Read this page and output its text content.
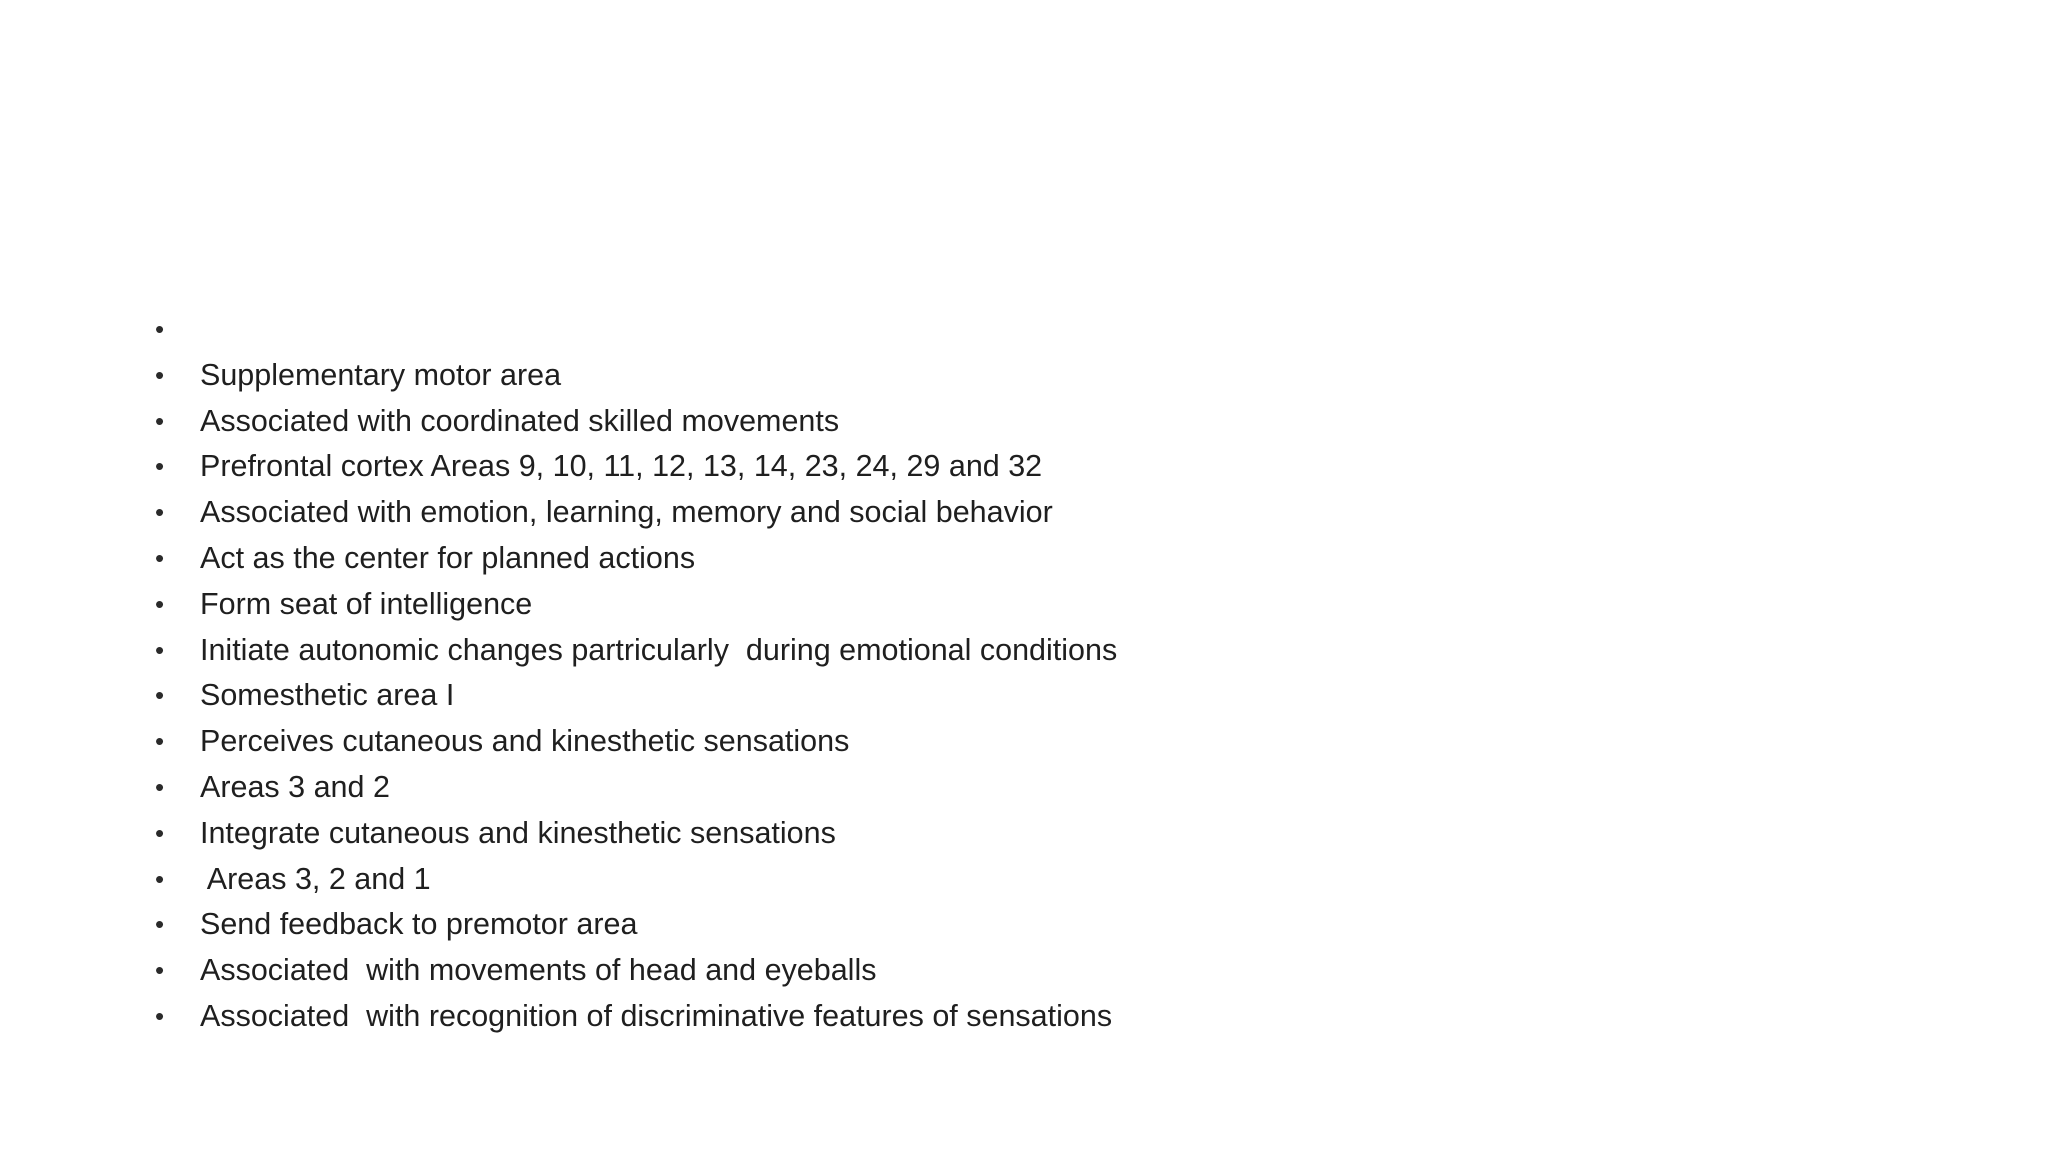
•
•	Supplementary motor area
•	Associated with coordinated skilled movements
•	Prefrontal cortex Areas 9, 10, 11, 12, 13, 14, 23, 24, 29 and 32
•	Associated with emotion, learning, memory and social behavior
•	Act as the center for planned actions
•	Form seat of intelligence
•	Initiate autonomic changes partricularly  during emotional conditions
•	Somesthetic area I
•	Perceives cutaneous and kinesthetic sensations
•	Areas 3 and 2
•	Integrate cutaneous and kinesthetic sensations
•	Areas 3, 2 and 1
•	Send feedback to premotor area
•	Associated  with movements of head and eyeballs
•	Associated  with recognition of discriminative features of sensations
